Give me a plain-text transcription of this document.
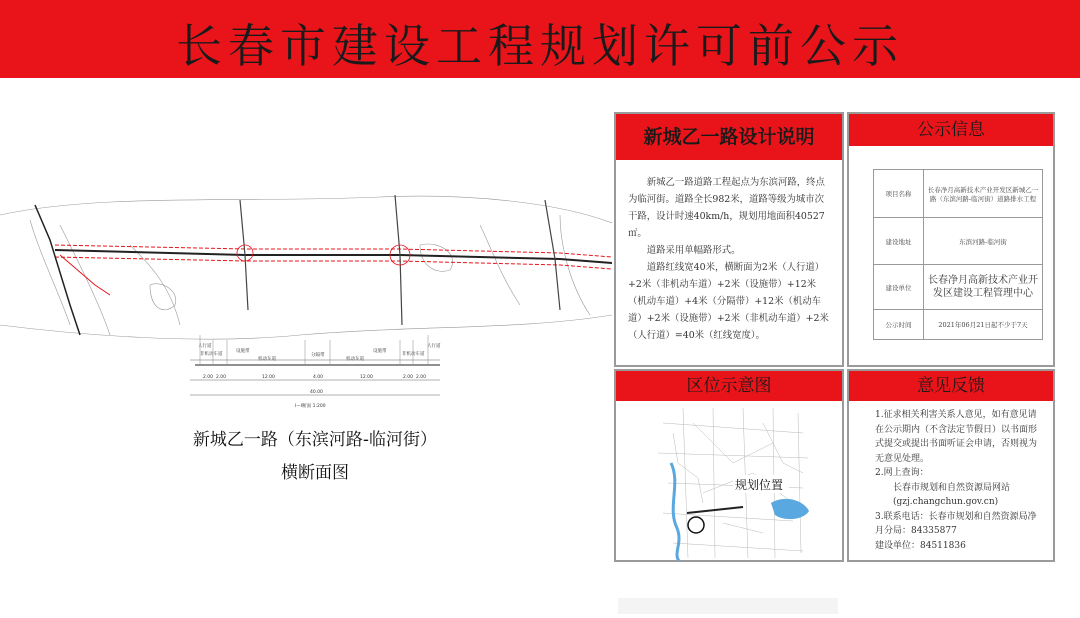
长春市建设工程规划许可前公示
人行道
非机动车道
设施带
机动车道
分隔带
机动车道
设施带
非机动车道
人行道
2.00 2.00	12.00	4.00	12.00	2.00 2.00
40.00
I—I断面 1:200
新城乙一路（东滨河路-临河街）
横断面图
新城乙一路设计说明

新城乙一路道路工程起点为东滨河路，终点为临河街。道路全长982米，道路等级为城市次干路，设计时速40km/h，规划用地面积40527㎡。

道路采用单幅路形式。

道路红线宽40米，横断面为2米（人行道）+2米（非机动车道）+2米（设施带）+12米（机动车道）+4米（分隔带）+12米（机动车道）+2米（设施带）+2米（非机动车道）+2米（人行道）=40米（红线宽度）。

公示信息
项目名称	长春净月高新技术产业开发区新城乙一路（东滨河路-临河街）道路排水工程
建设地址	东滨河路-临河街
建设单位	长春净月高新技术产业开发区建设工程管理中心
公示时间	2021年06月21日起不少于7天
区位示意图
规划位置
意见反馈
1.征求相关利害关系人意见，如有意见请在公示期内（不含法定节假日）以书面形式提交或提出书面听证会申请，否则视为无意见处理。
2.网上查询：
长春市规划和自然资源局网站
(gzj.changchun.gov.cn)
3.联系电话：长春市规划和自然资源局净月分局：84335877
建设单位：84511836
